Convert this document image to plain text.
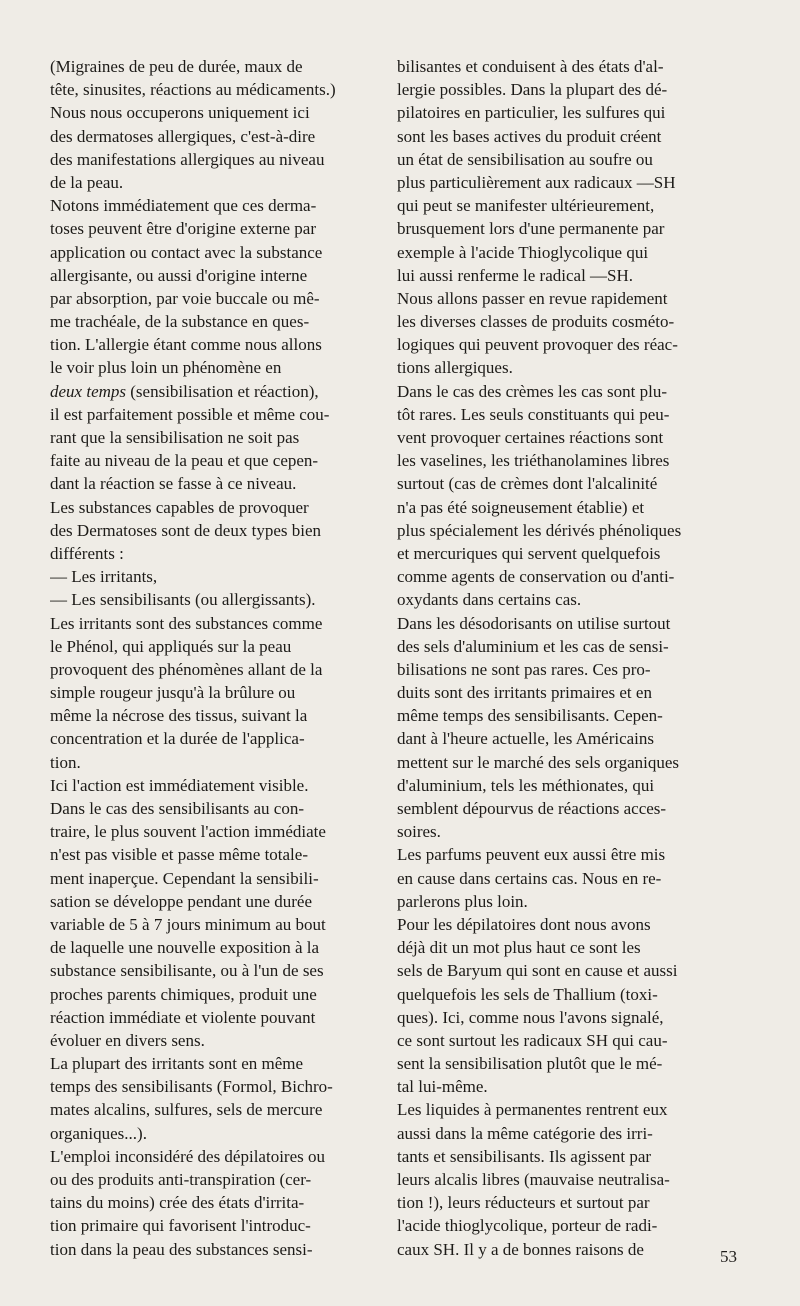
(Migraines de peu de durée, maux de
tête, sinusites, réactions au médicaments.)
Nous nous occuperons uniquement ici
des dermatoses allergiques, c'est-à-dire
des manifestations allergiques au niveau
de la peau.
Notons immédiatement que ces derma-
toses peuvent être d'origine externe par
application ou contact avec la substance
allergisante, ou aussi d'origine interne
par absorption, par voie buccale ou mê-
me trachéale, de la substance en ques-
tion. L'allergie étant comme nous allons
le voir plus loin un phénomène en
deux temps (sensibilisation et réaction),
il est parfaitement possible et même cou-
rant que la sensibilisation ne soit pas
faite au niveau de la peau et que cepen-
dant la réaction se fasse à ce niveau.
Les substances capables de provoquer
des Dermatoses sont de deux types bien
différents :
— Les irritants,
— Les sensibilisants (ou allergissants).
Les irritants sont des substances comme
le Phénol, qui appliqués sur la peau
provoquent des phénomènes allant de la
simple rougeur jusqu'à la brûlure ou
même la nécrose des tissus, suivant la
concentration et la durée de l'applica-
tion.
Ici l'action est immédiatement visible.
Dans le cas des sensibilisants au con-
traire, le plus souvent l'action immédiate
n'est pas visible et passe même totale-
ment inaperçue. Cependant la sensibili-
sation se développe pendant une durée
variable de 5 à 7 jours minimum au bout
de laquelle une nouvelle exposition à la
substance sensibilisante, ou à l'un de ses
proches parents chimiques, produit une
réaction immédiate et violente pouvant
évoluer en divers sens.
La plupart des irritants sont en même
temps des sensibilisants (Formol, Bichro-
mates alcalins, sulfures, sels de mercure
organiques...).
L'emploi inconsidéré des dépilatoires ou
ou des produits anti-transpiration (cer-
tains du moins) crée des états d'irrita-
tion primaire qui favorisent l'introduc-
tion dans la peau des substances sensi-
bilisantes et conduisent à des états d'al-
lergie possibles. Dans la plupart des dé-
pilatoires en particulier, les sulfures qui
sont les bases actives du produit créent
un état de sensibilisation au soufre ou
plus particulièrement aux radicaux —SH
qui peut se manifester ultérieurement,
brusquement lors d'une permanente par
exemple à l'acide Thioglycolique qui
lui aussi renferme le radical —SH.
Nous allons passer en revue rapidement
les diverses classes de produits cosméto-
logiques qui peuvent provoquer des réac-
tions allergiques.
Dans le cas des crèmes les cas sont plu-
tôt rares. Les seuls constituants qui peu-
vent provoquer certaines réactions sont
les vaselines, les triéthanolamines libres
surtout (cas de crèmes dont l'alcalinité
n'a pas été soigneusement établie) et
plus spécialement les dérivés phénoliques
et mercuriques qui servent quelquefois
comme agents de conservation ou d'anti-
oxydants dans certains cas.
Dans les désodorisants on utilise surtout
des sels d'aluminium et les cas de sensi-
bilisations ne sont pas rares. Ces pro-
duits sont des irritants primaires et en
même temps des sensibilisants. Cepen-
dant à l'heure actuelle, les Américains
mettent sur le marché des sels organiques
d'aluminium, tels les méthionates, qui
semblent dépourvus de réactions acces-
soires.
Les parfums peuvent eux aussi être mis
en cause dans certains cas. Nous en re-
parlerons plus loin.
Pour les dépilatoires dont nous avons
déjà dit un mot plus haut ce sont les
sels de Baryum qui sont en cause et aussi
quelquefois les sels de Thallium (toxi-
ques). Ici, comme nous l'avons signalé,
ce sont surtout les radicaux SH qui cau-
sent la sensibilisation plutôt que le mé-
tal lui-même.
Les liquides à permanentes rentrent eux
aussi dans la même catégorie des irri-
tants et sensibilisants. Ils agissent par
leurs alcalis libres (mauvaise neutralisa-
tion !), leurs réducteurs et surtout par
l'acide thioglycolique, porteur de radi-
caux SH. Il y a de bonnes raisons de	53
